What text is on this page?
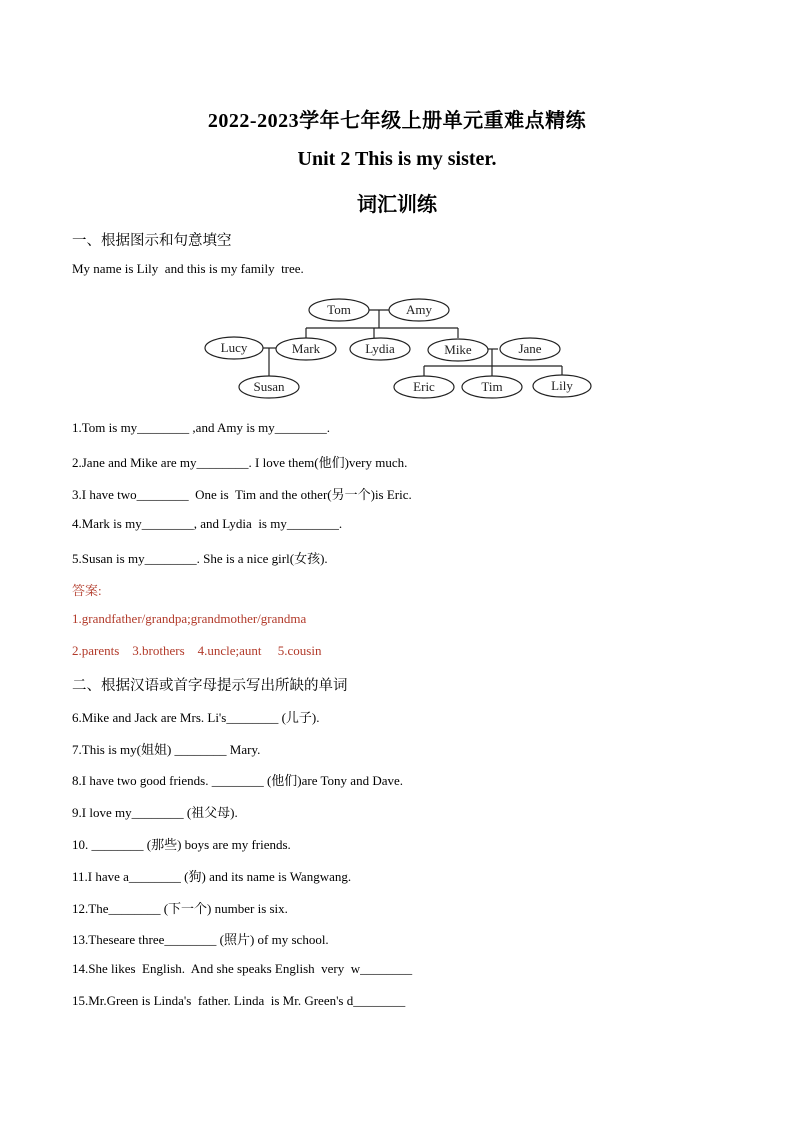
2022-2023学年七年级上册单元重难点精练
Unit 2 This is my sister.
词汇训练
一、根据图示和句意填空
My name is Lily  and this is my family  tree.
Tom	Amy
Lucy	Mark	Lydia	Mike	Jane
Susan	Eric	Tim	Lily
1.Tom is my________ ,and Amy is my________.
2.Jane and Mike are my________. I love them(他们)very much.
3.I have two________  One is  Tim and the other(另一个)is Eric.
4.Mark is my________, and Lydia  is my________.
5.Susan is my________. She is a nice girl(女孩).
答案:
1.grandfather/grandpa;grandmother/grandma
2.parents    3.brothers    4.uncle;aunt     5.cousin
二、根据汉语或首字母提示写出所缺的单词
6.Mike and Jack are Mrs. Li's________ (儿子).
7.This is my(姐姐) ________ Mary.
8.I have two good friends. ________ (他们)are Tony and Dave.
9.I love my________ (祖父母).
10. ________ (那些) boys are my friends.
11.I have a________ (狗) and its name is Wangwang.
12.The________ (下一个) number is six.
13.Theseare three________ (照片) of my school.
14.She likes  English.  And she speaks English  very  w________
15.Mr.Green is Linda's  father. Linda  is Mr. Green's d________
